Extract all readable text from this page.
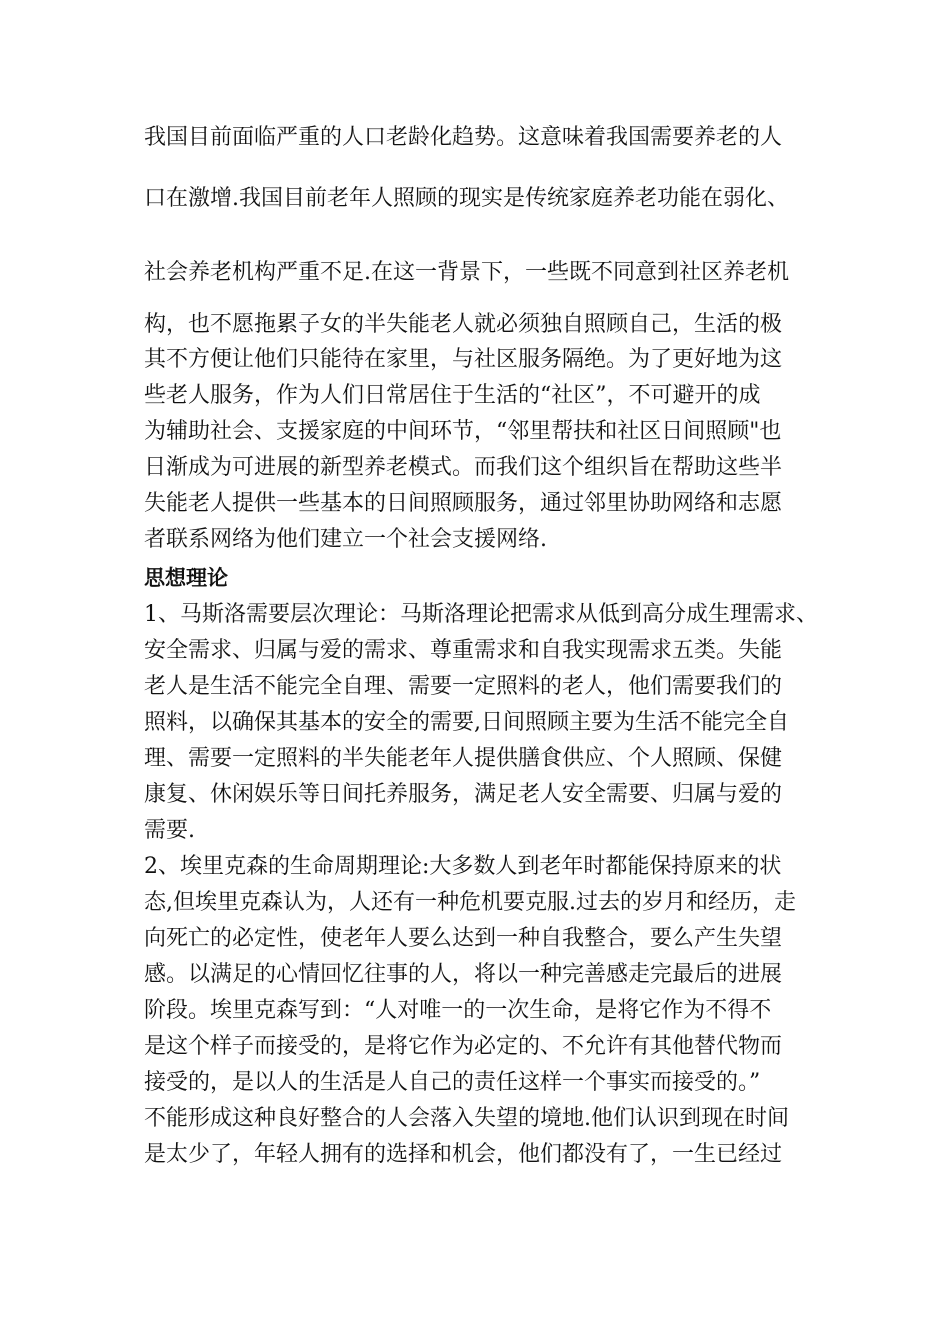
我国目前面临严重的人口老龄化趋势。这意味着我国需要养老的人
口在激增.我国目前老年人照顾的现实是传统家庭养老功能在弱化、
社会养老机构严重不足.在这一背景下，一些既不同意到社区养老机
构，也不愿拖累子女的半失能老人就必须独自照顾自己，生活的极
其不方便让他们只能待在家里，与社区服务隔绝。为了更好地为这
些老人服务，作为人们日常居住于生活的“社区”，不可避开的成
为辅助社会、支援家庭的中间环节，“邻里帮扶和社区日间照顾"也
日渐成为可进展的新型养老模式。而我们这个组织旨在帮助这些半
失能老人提供一些基本的日间照顾服务，通过邻里协助网络和志愿
者联系网络为他们建立一个社会支援网络.
思想理论
1、马斯洛需要层次理论：马斯洛理论把需求从低到高分成生理需求、
安全需求、归属与爱的需求、尊重需求和自我实现需求五类。失能
老人是生活不能完全自理、需要一定照料的老人，他们需要我们的
照料，以确保其基本的安全的需要,日间照顾主要为生活不能完全自
理、需要一定照料的半失能老年人提供膳食供应、个人照顾、保健
康复、休闲娱乐等日间托养服务，满足老人安全需要、归属与爱的
需要.
2、埃里克森的生命周期理论:大多数人到老年时都能保持原来的状
态,但埃里克森认为，人还有一种危机要克服.过去的岁月和经历，走
向死亡的必定性，使老年人要么达到一种自我整合，要么产生失望
感。以满足的心情回忆往事的人，将以一种完善感走完最后的进展
阶段。埃里克森写到：“人对唯一的一次生命，是将它作为不得不
是这个样子而接受的，是将它作为必定的、不允许有其他替代物而
接受的，是以人的生活是人自己的责任这样一个事实而接受的。”
不能形成这种良好整合的人会落入失望的境地.他们认识到现在时间
是太少了，年轻人拥有的选择和机会，他们都没有了，一生已经过
